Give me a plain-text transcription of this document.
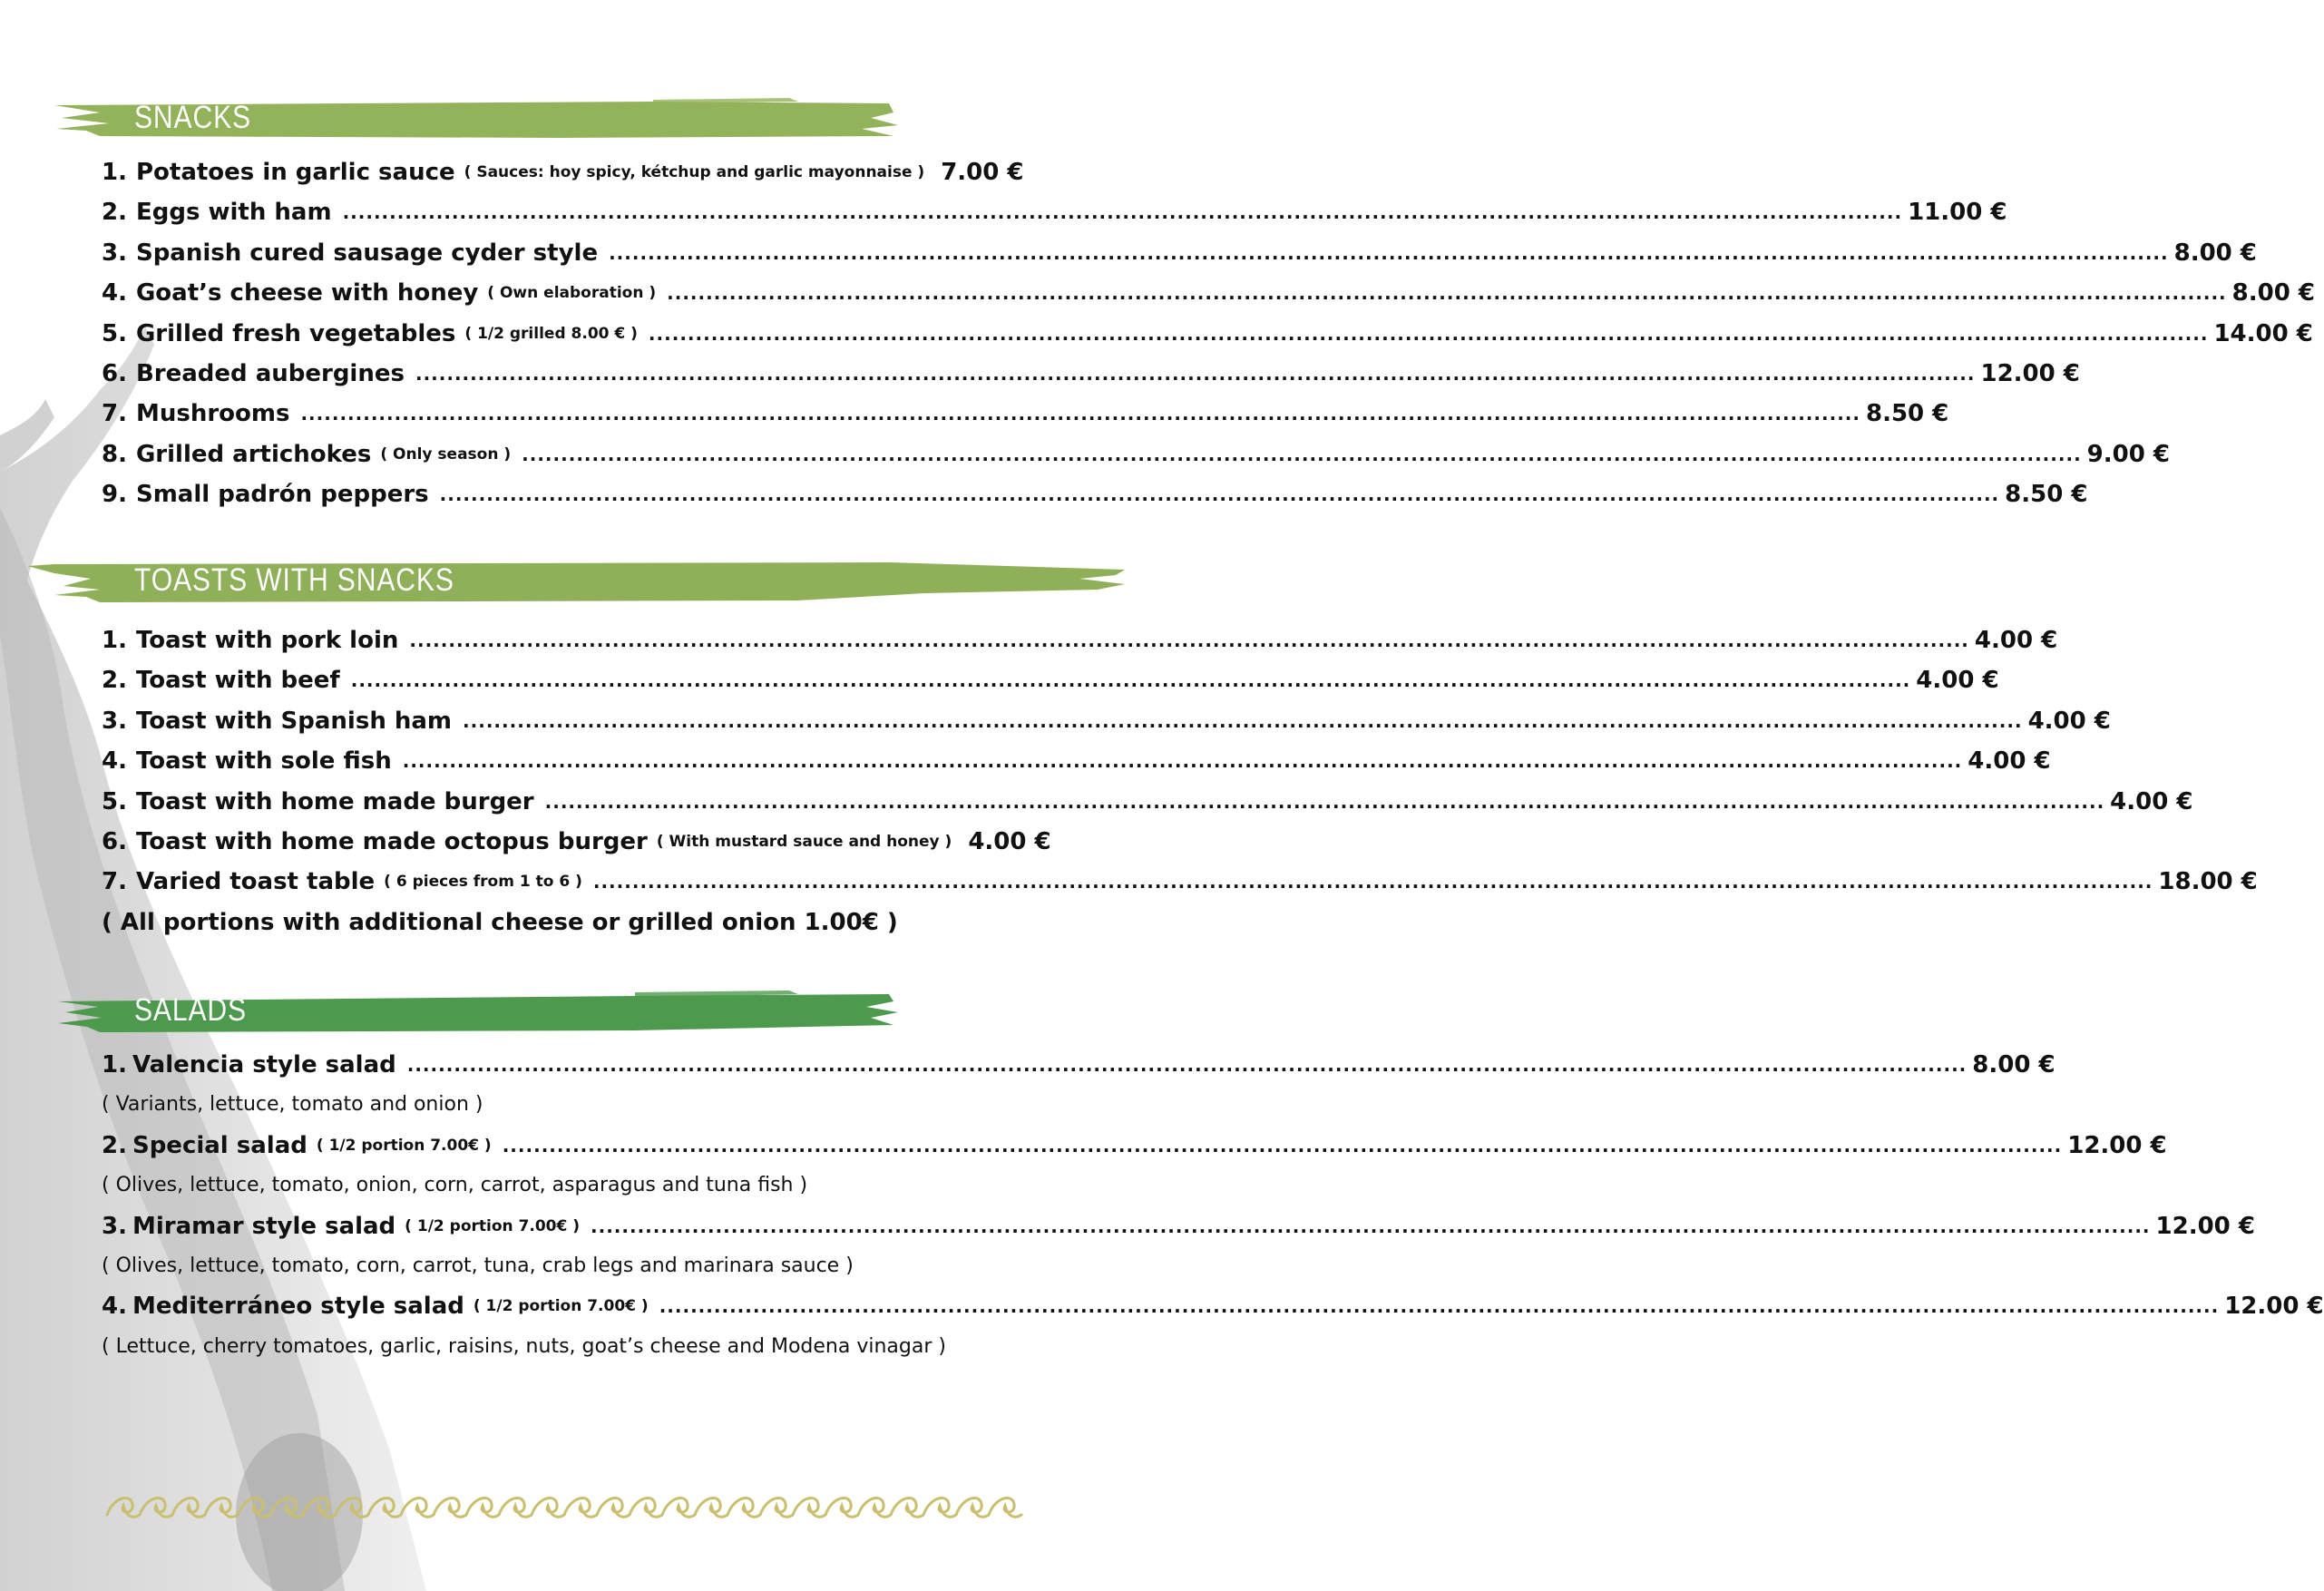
SNACKS
1. Potatoes in garlic sauce ( Sauces: hoy spicy, kétchup and garlic mayonnaise ) 7.00 €
2. Eggs with ham ........................................................................................................................................................................................................ 11.00 €
3. Spanish cured sausage cyder style ........................................................................................................................................................................................................ 8.00 €
4. Goat’s cheese with honey ( Own elaboration ) ........................................................................................................................................................................................................ 8.00 €
5. Grilled fresh vegetables ( 1/2 grilled 8.00 € ) ........................................................................................................................................................................................................ 14.00 €
6. Breaded aubergines ........................................................................................................................................................................................................ 12.00 €
7. Mushrooms ........................................................................................................................................................................................................ 8.50 €
8. Grilled artichokes ( Only season ) ........................................................................................................................................................................................................ 9.00 €
9. Small padrón peppers ........................................................................................................................................................................................................ 8.50 €
TOASTS WITH SNACKS
1. Toast with pork loin ........................................................................................................................................................................................................ 4.00 €
2. Toast with beef ........................................................................................................................................................................................................ 4.00 €
3. Toast with Spanish ham ........................................................................................................................................................................................................ 4.00 €
4. Toast with sole fish ........................................................................................................................................................................................................ 4.00 €
5. Toast with home made burger ........................................................................................................................................................................................................ 4.00 €
6. Toast with home made octopus burger ( With mustard sauce and honey ) 4.00 €
7. Varied toast table ( 6 pieces from 1 to 6 ) ........................................................................................................................................................................................................ 18.00 €
( All portions with additional cheese or grilled onion 1.00€ )
SALADS
1. Valencia style salad ........................................................................................................................................................................................................ 8.00 €
( Variants, lettuce, tomato and onion )
2. Special salad ( 1/2 portion 7.00€ ) ........................................................................................................................................................................................................ 12.00 €
( Olives, lettuce, tomato, onion, corn, carrot, asparagus and tuna fish )
3. Miramar style salad ( 1/2 portion 7.00€ ) ........................................................................................................................................................................................................ 12.00 €
( Olives, lettuce, tomato, corn, carrot, tuna, crab legs and marinara sauce )
4. Mediterráneo style salad ( 1/2 portion 7.00€ ) ........................................................................................................................................................................................................ 12.00 €
( Lettuce, cherry tomatoes, garlic, raisins, nuts, goat’s cheese and Modena vinagar )
